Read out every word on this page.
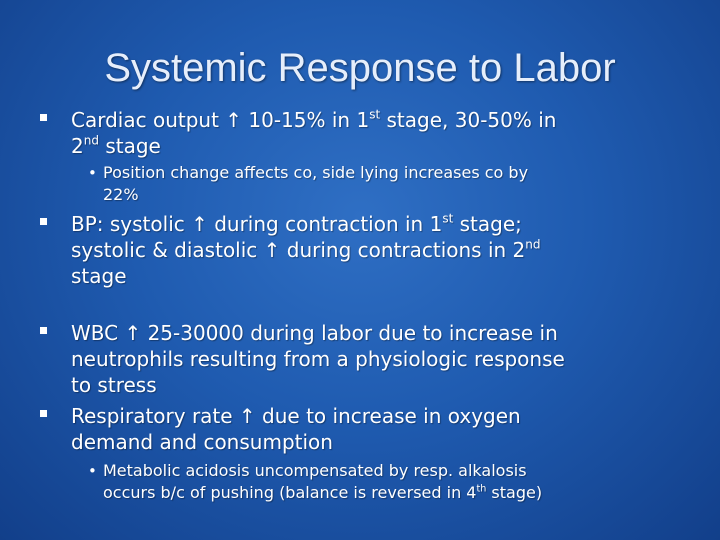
Systemic Response to Labor
Cardiac output ↑ 10-15% in 1st stage, 30-50% in
2nd stage
• Position change affects co, side lying increases co by
22%
BP: systolic ↑ during contraction in 1st stage;
systolic & diastolic ↑ during contractions in 2nd
stage
WBC ↑ 25-30000 during labor due to increase in
neutrophils resulting from a physiologic response
to stress
Respiratory rate ↑ due to increase in oxygen
demand and consumption
• Metabolic acidosis uncompensated by resp. alkalosis
occurs b/c of pushing (balance is reversed in 4th stage)
